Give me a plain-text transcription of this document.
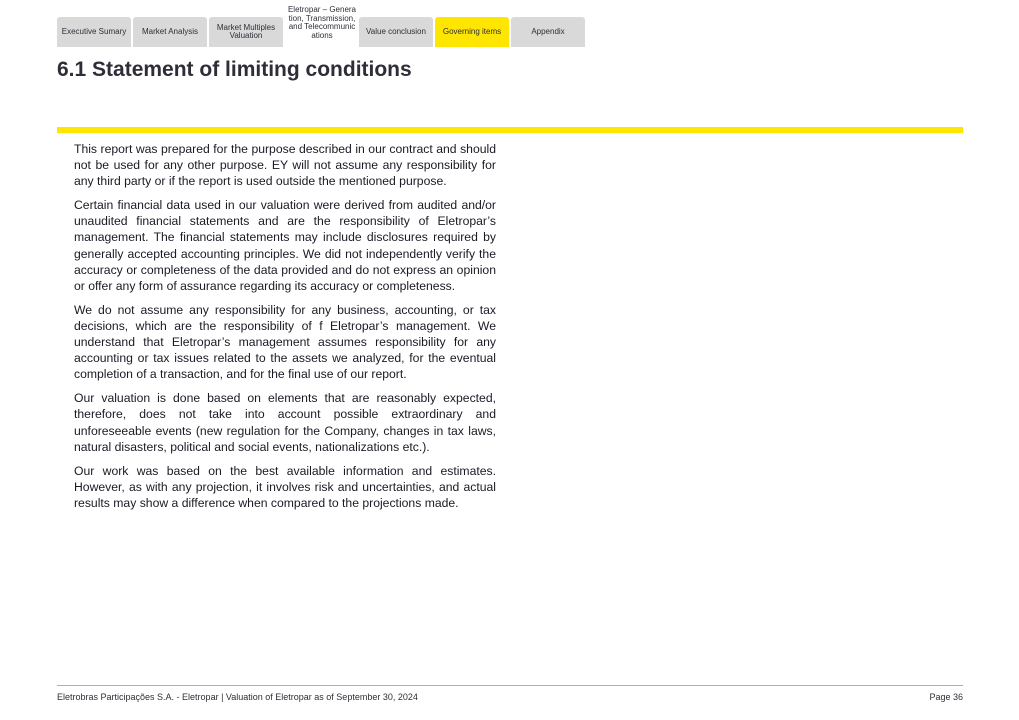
Executive Sumary Market Analysis	Market Multiples Valuation
Eletropar – Generation, Transmission, and Telecommunications	Value conclusion Governing items	Appendix
6.1 Statement of limiting conditions

This report was prepared for the purpose described in our contract and should not be used for any other purpose. EY will not assume any responsibility for any third party or if the report is used outside the mentioned purpose.

Certain financial data used in our valuation were derived from audited and/or unaudited financial statements and are the responsibility of Eletropar’s management. The financial statements may include disclosures required by generally accepted accounting principles. We did not independently verify the accuracy or completeness of the data provided and do not express an opinion or offer any form of assurance regarding its accuracy or completeness.

We do not assume any responsibility for any business, accounting, or tax decisions, which are the responsibility of f Eletropar’s management. We understand that Eletropar’s management assumes responsibility for any accounting or tax issues related to the assets we analyzed, for the eventual completion of a transaction, and for the final use of our report.

Our valuation is done based on elements that are reasonably expected, therefore, does not take into account possible extraordinary and unforeseeable events (new regulation for the Company, changes in tax laws, natural disasters, political and social events, nationalizations etc.).

Our work was based on the best available information and estimates. However, as with any projection, it involves risk and uncertainties, and actual results may show a difference when compared to the projections made.

Eletrobras Participações S.A. - Eletropar | Valuation of Eletropar as of September 30, 2024	Page 36
